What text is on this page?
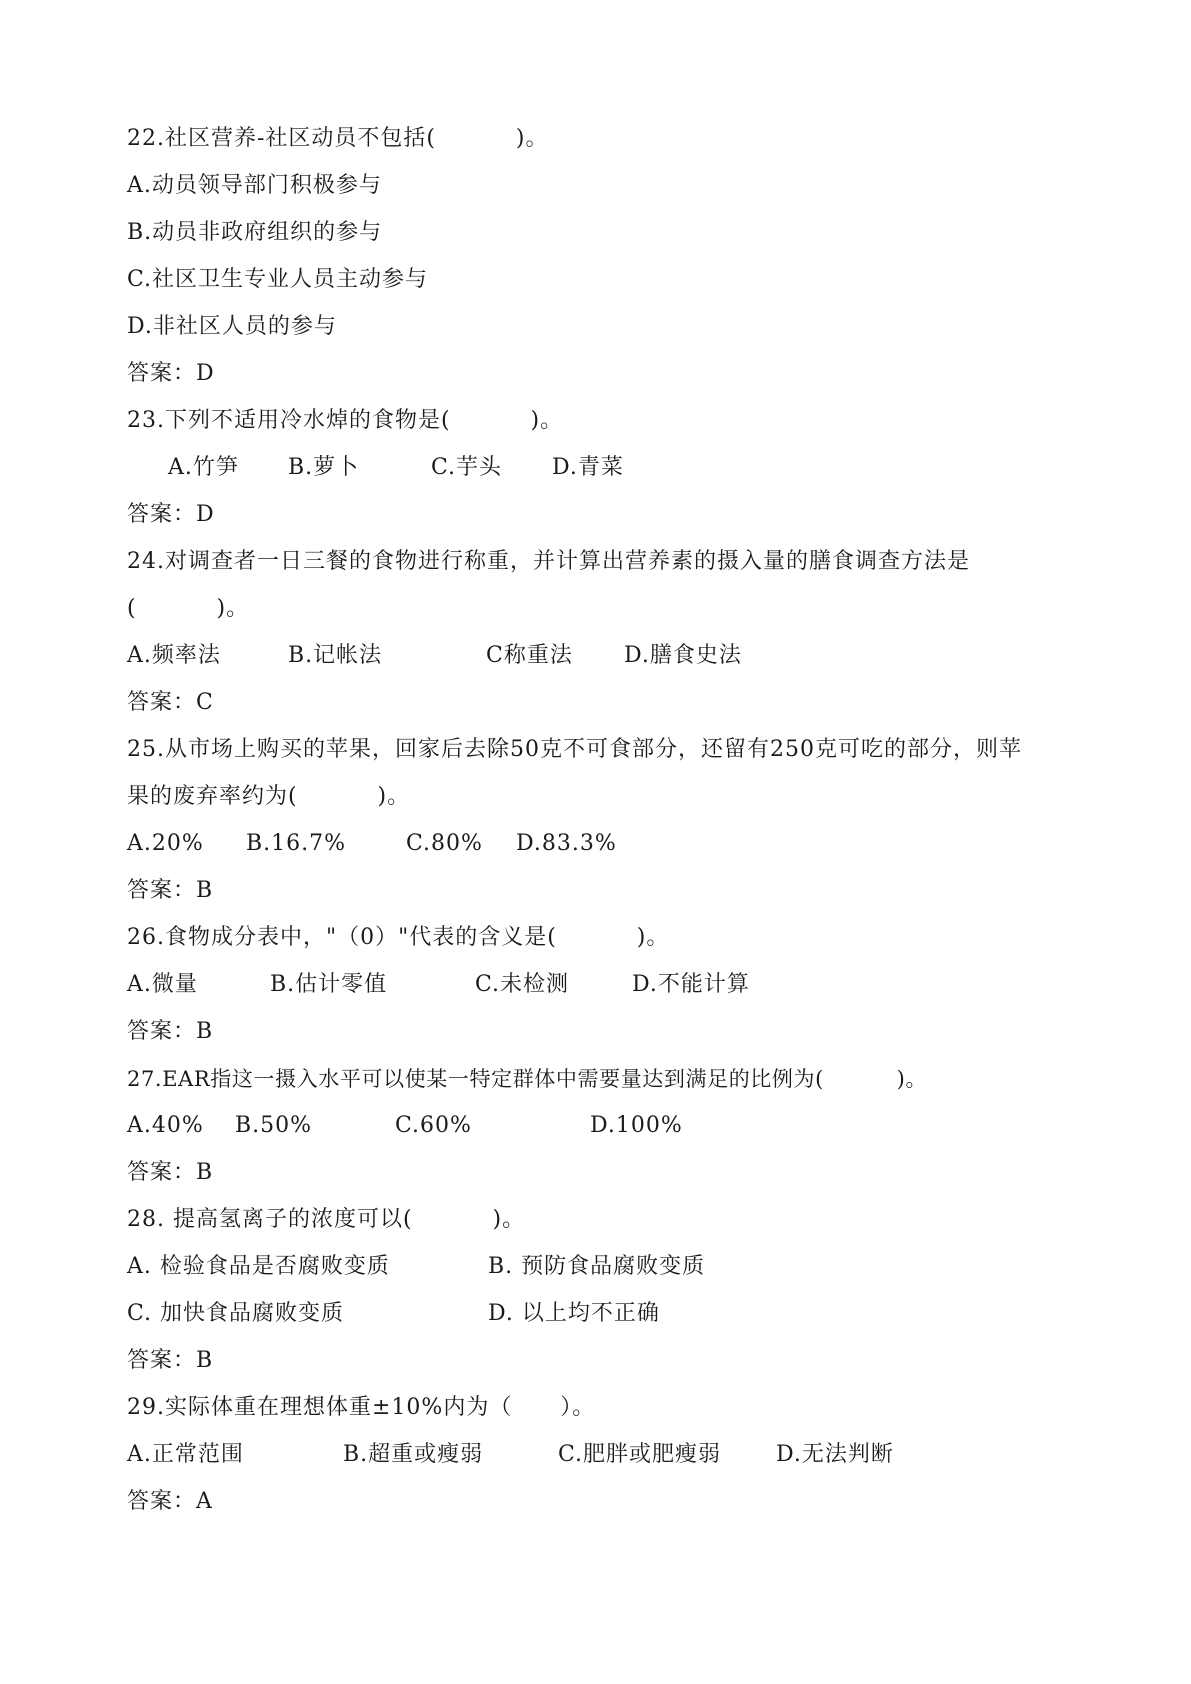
22.社区营养-社区动员不包括(          )。
A.动员领导部门积极参与
B.动员非政府组织的参与
C.社区卫生专业人员主动参与
D.非社区人员的参与
答案：D
23.下列不适用冷水焯的食物是(          )。
A.竹笋 B.萝卜	C.芋头 D.青菜
答案：D
24.对调查者一日三餐的食物进行称重，并计算出营养素的摄入量的膳食调查方法是
(          )。
A.频率法	B.记帐法	C称重法 D.膳食史法
答案：C
25.从市场上购买的苹果，回家后去除50克不可食部分，还留有250克可吃的部分，则苹
果的废弃率约为(          )。
A.20% B.16.7%	C.80% D.83.3%
答案：B
26.食物成分表中，"（0）"代表的含义是(          )。
A.微量	B.估计零值	C.未检测	D.不能计算
答案：B
27.EAR指这一摄入水平可以使某一特定群体中需要量达到满足的比例为(          )。
A.40% B.50%	C.60%	D.100%
答案：B
28. 提高氢离子的浓度可以(          )。
A. 检验食品是否腐败变质	B. 预防食品腐败变质
C. 加快食品腐败变质	D. 以上均不正确
答案：B
29.实际体重在理想体重±10%内为（      ）。
A.正常范围	B.超重或瘦弱	C.肥胖或肥瘦弱 D.无法判断
答案：A
